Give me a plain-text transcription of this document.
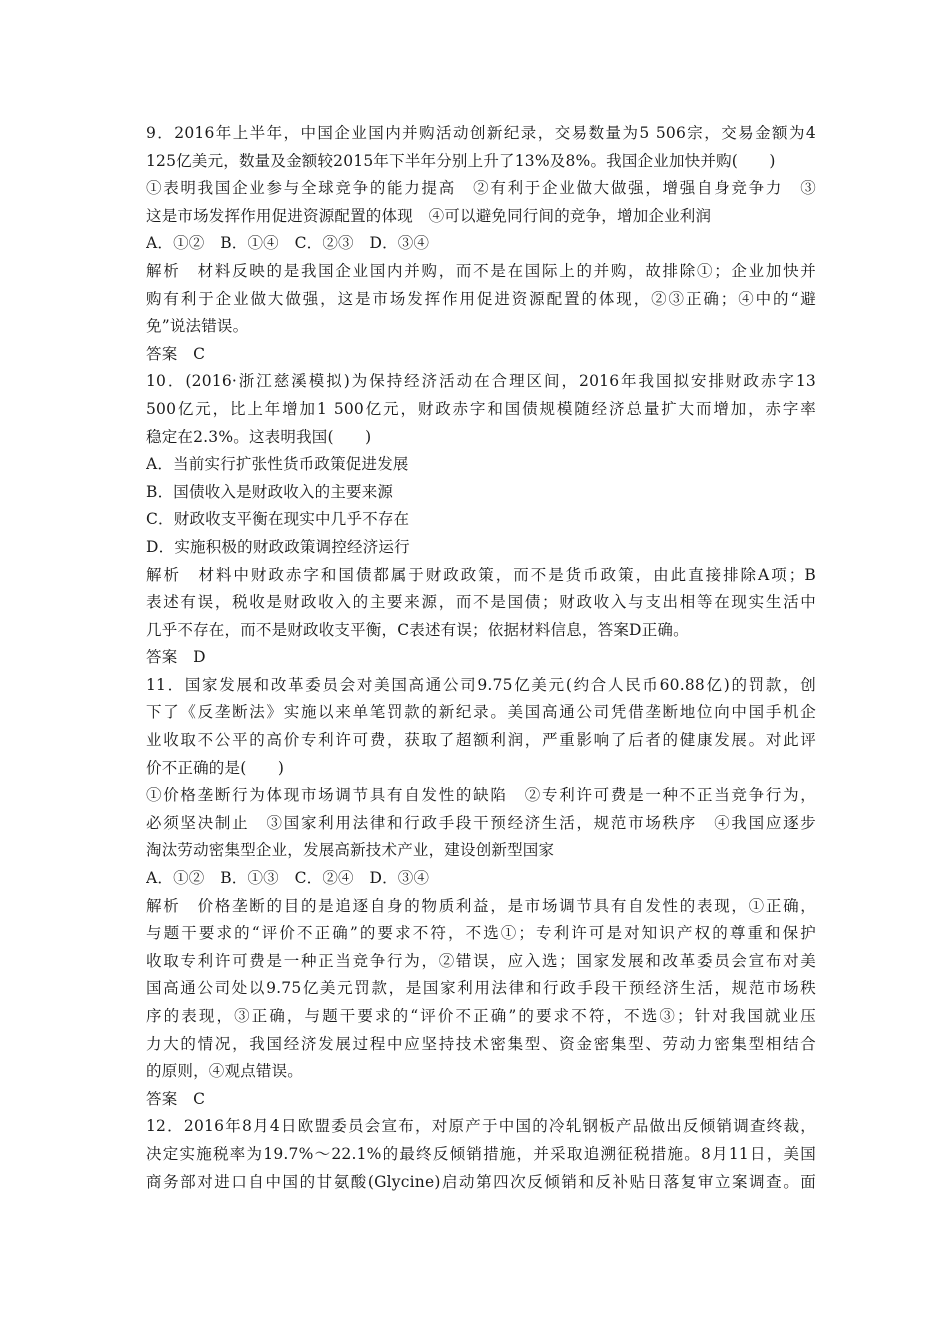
9．2016年上半年，中国企业国内并购活动创新纪录，交易数量为5 506宗，交易金额为4
125亿美元，数量及金额较2015年下半年分别上升了13%及8%。我国企业加快并购(　　)
①表明我国企业参与全球竞争的能力提高　②有利于企业做大做强，增强自身竞争力　③
这是市场发挥作用促进资源配置的体现　④可以避免同行间的竞争，增加企业利润
A．①②　B．①④　C．②③　D．③④
解析　材料反映的是我国企业国内并购，而不是在国际上的并购，故排除①；企业加快并
购有利于企业做大做强，这是市场发挥作用促进资源配置的体现，②③正确；④中的“避
免”说法错误。
答案　C
10．(2016·浙江慈溪模拟)为保持经济活动在合理区间，2016年我国拟安排财政赤字13
500亿元，比上年增加1 500亿元，财政赤字和国债规模随经济总量扩大而增加，赤字率
稳定在2.3%。这表明我国(　　)
A．当前实行扩张性货币政策促进发展
B．国债收入是财政收入的主要来源
C．财政收支平衡在现实中几乎不存在
D．实施积极的财政政策调控经济运行
解析　材料中财政赤字和国债都属于财政政策，而不是货币政策，由此直接排除A项；B
表述有误，税收是财政收入的主要来源，而不是国债；财政收入与支出相等在现实生活中
几乎不存在，而不是财政收支平衡，C表述有误；依据材料信息，答案D正确。
答案　D
11．国家发展和改革委员会对美国高通公司9.75亿美元(约合人民币60.88亿)的罚款，创
下了《反垄断法》实施以来单笔罚款的新纪录。美国高通公司凭借垄断地位向中国手机企
业收取不公平的高价专利许可费，获取了超额利润，严重影响了后者的健康发展。对此评
价不正确的是(　　)
①价格垄断行为体现市场调节具有自发性的缺陷　②专利许可费是一种不正当竞争行为，
必须坚决制止　③国家利用法律和行政手段干预经济生活，规范市场秩序　④我国应逐步
淘汰劳动密集型企业，发展高新技术产业，建设创新型国家
A．①②　B．①③　C．②④　D．③④
解析　价格垄断的目的是追逐自身的物质利益，是市场调节具有自发性的表现，①正确，
与题干要求的“评价不正确”的要求不符，不选①；专利许可是对知识产权的尊重和保护
收取专利许可费是一种正当竞争行为，②错误，应入选；国家发展和改革委员会宣布对美
国高通公司处以9.75亿美元罚款，是国家利用法律和行政手段干预经济生活，规范市场秩
序的表现，③正确，与题干要求的“评价不正确”的要求不符，不选③；针对我国就业压
力大的情况，我国经济发展过程中应坚持技术密集型、资金密集型、劳动力密集型相结合
的原则，④观点错误。
答案　C
12．2016年8月4日欧盟委员会宣布，对原产于中国的冷轧钢板产品做出反倾销调查终裁，
决定实施税率为19.7%～22.1%的最终反倾销措施，并采取追溯征税措施。8月11日，美国
商务部对进口自中国的甘氨酸(Glycine)启动第四次反倾销和反补贴日落复审立案调查。面
